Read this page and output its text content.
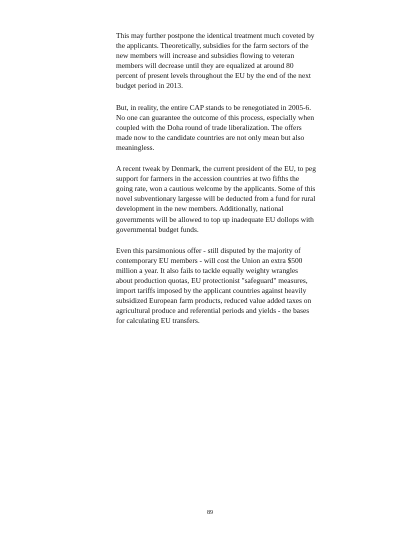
This may further postpone the identical treatment much coveted by the applicants. Theoretically, subsidies for the farm sectors of the new members will increase and subsidies flowing to veteran members will decrease until they are equalized at around 80 percent of present levels throughout the EU by the end of the next budget period in 2013.

But, in reality, the entire CAP stands to be renegotiated in 2005-6. No one can guarantee the outcome of this process, especially when coupled with the Doha round of trade liberalization. The offers made now to the candidate countries are not only mean but also meaningless.

A recent tweak by Denmark, the current president of the EU, to peg support for farmers in the accession countries at two fifths the going rate, won a cautious welcome by the applicants. Some of this novel subventionary largesse will be deducted from a fund for rural development in the new members. Additionally, national governments will be allowed to top up inadequate EU dollops with governmental budget funds.

Even this parsimonious offer - still disputed by the majority of contemporary EU members - will cost the Union an extra $500 million a year. It also fails to tackle equally weighty wrangles about production quotas, EU protectionist "safeguard" measures, import tariffs imposed by the applicant countries against heavily subsidized European farm products, reduced value added taxes on agricultural produce and referential periods and yields - the bases for calculating EU transfers.

89
